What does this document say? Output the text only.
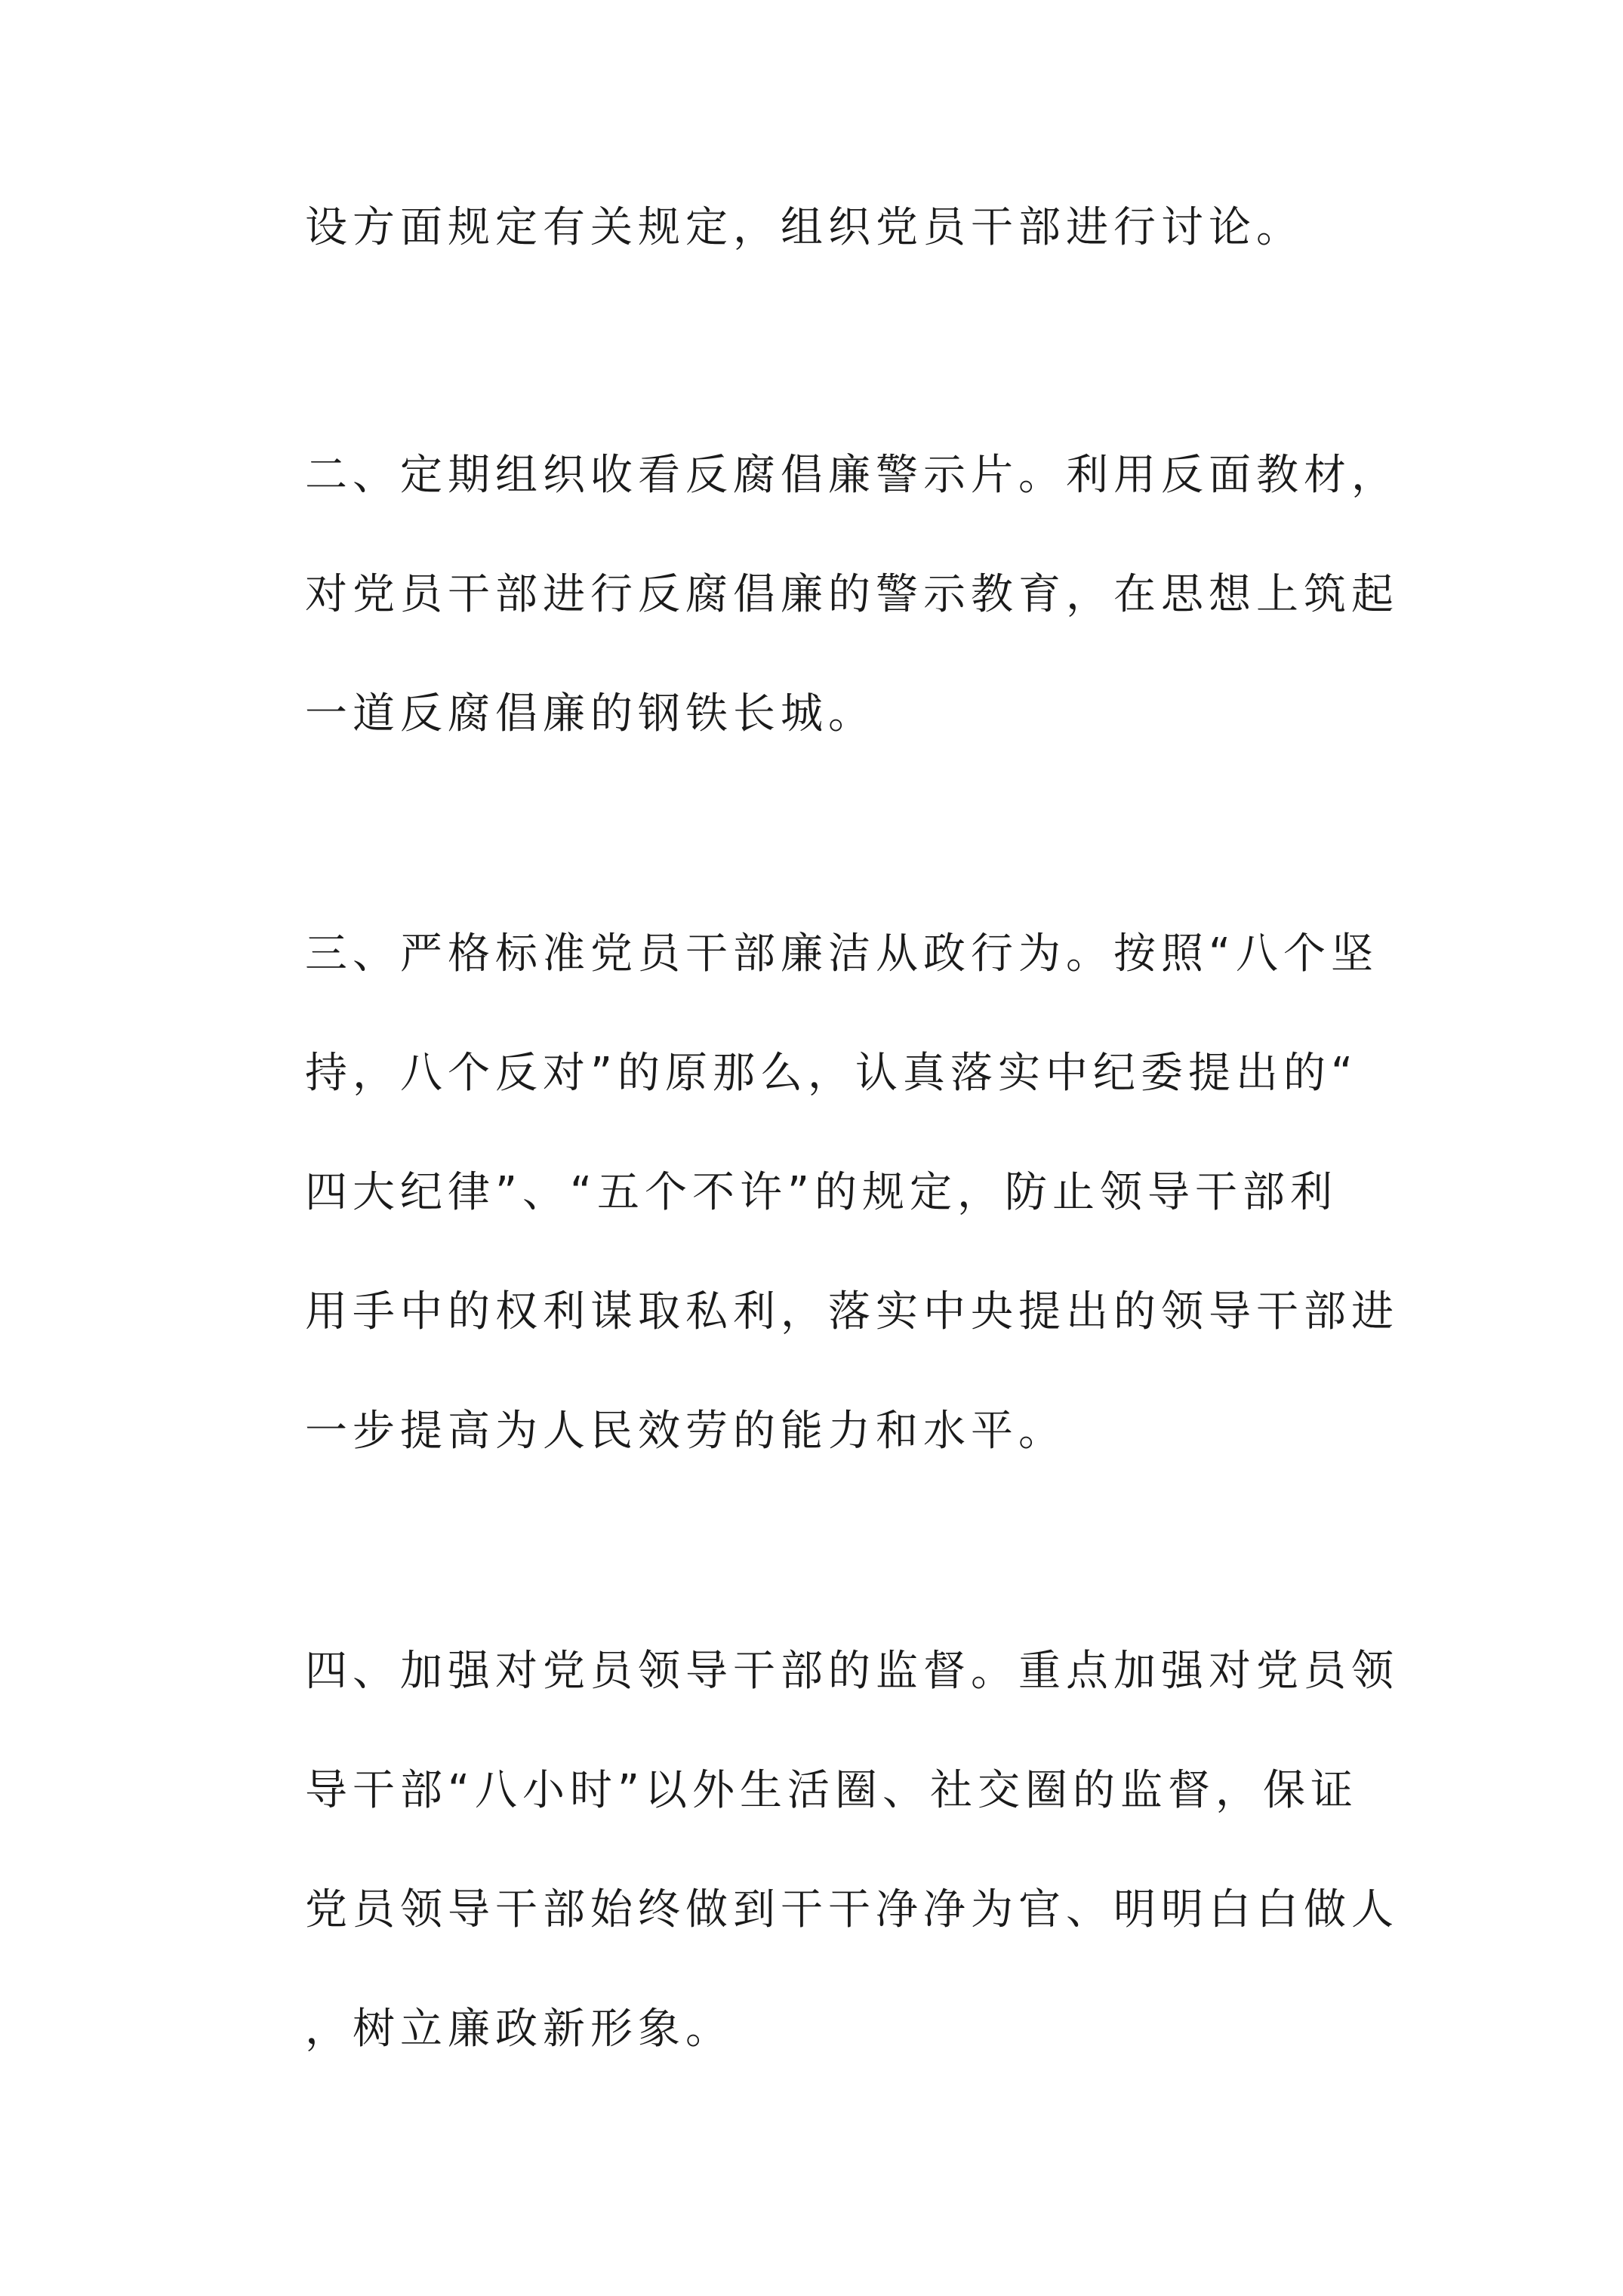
设方面规定有关规定，组织党员干部进行讨论。
二、定期组织收看反腐倡廉警示片。利用反面教材，
对党员干部进行反腐倡廉的警示教育，在思想上筑起
一道反腐倡廉的钢铁长城。
三、严格标准党员干部廉洁从政行为。按照“八个坚
持，八个反对”的原那么，认真落实中纪委提出的“
四大纪律”、“五个不许”的规定，防止领导干部利
用手中的权利谋取私利，落实中央提出的领导干部进
一步提高为人民效劳的能力和水平。
四、加强对党员领导干部的监督。重点加强对党员领
导干部“八小时”以外生活圈、社交圈的监督，保证
党员领导干部始终做到干干净净为官、明明白白做人
，树立廉政新形象。
